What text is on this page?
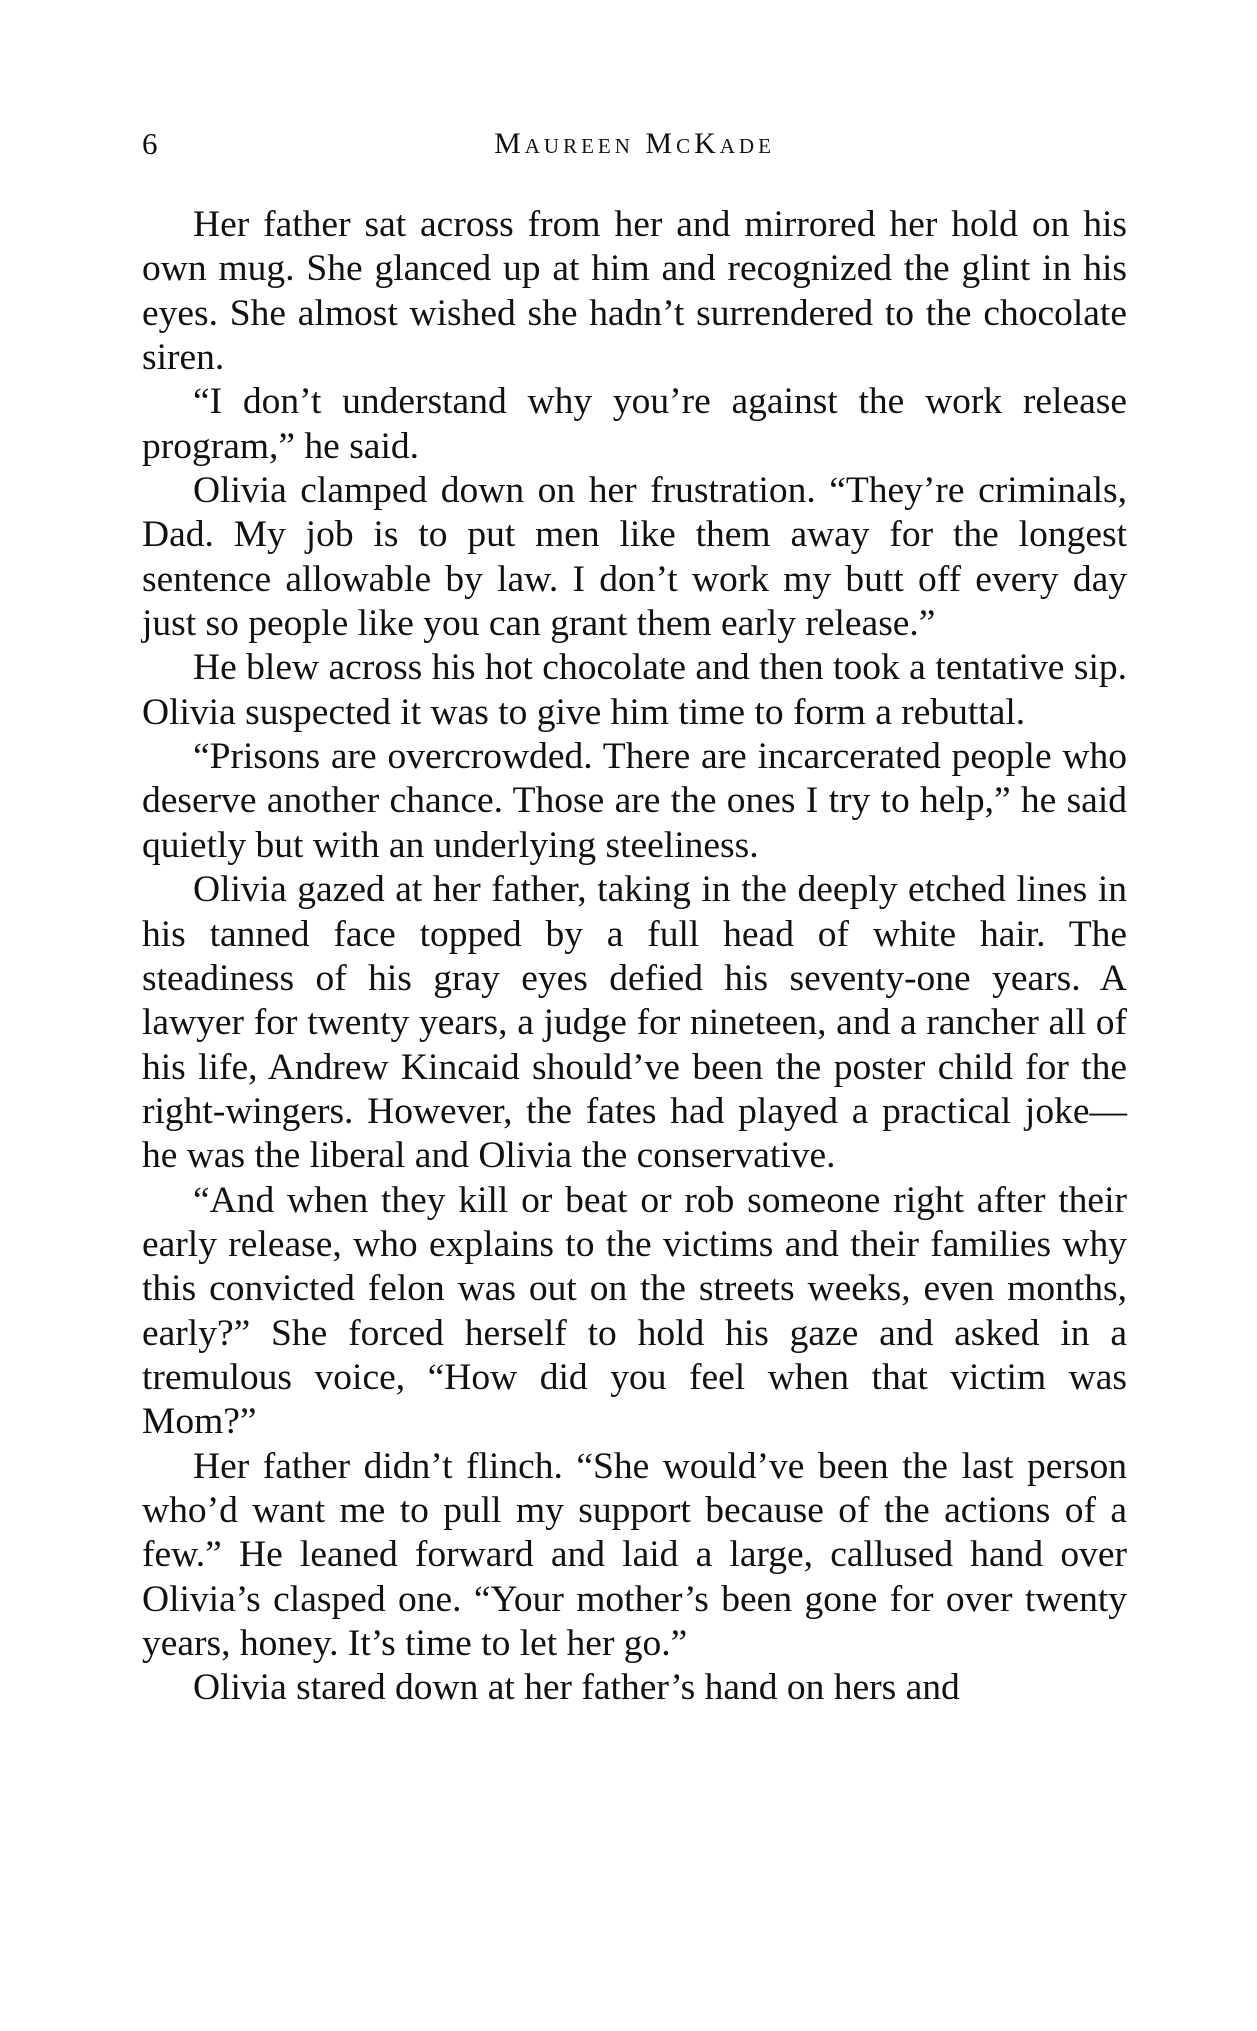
6	Maureen McKade

Her father sat across from her and mirrored her hold on his own mug. She glanced up at him and recognized the glint in his eyes. She almost wished she hadn’t surrendered to the chocolate siren.

“I don’t understand why you’re against the work release program,” he said.

Olivia clamped down on her frustration. “They’re criminals, Dad. My job is to put men like them away for the longest sentence allowable by law. I don’t work my butt off every day just so people like you can grant them early release.”

He blew across his hot chocolate and then took a tentative sip. Olivia suspected it was to give him time to form a rebuttal.

“Prisons are overcrowded. There are incarcerated people who deserve another chance. Those are the ones I try to help,” he said quietly but with an underlying steeliness.

Olivia gazed at her father, taking in the deeply etched lines in his tanned face topped by a full head of white hair. The steadiness of his gray eyes defied his seventy-one years. A lawyer for twenty years, a judge for nineteen, and a rancher all of his life, Andrew Kincaid should’ve been the poster child for the right-wingers. However, the fates had played a practical joke—he was the liberal and Olivia the conservative.

“And when they kill or beat or rob someone right after their early release, who explains to the victims and their families why this convicted felon was out on the streets weeks, even months, early?” She forced herself to hold his gaze and asked in a tremulous voice, “How did you feel when that victim was Mom?”

Her father didn’t flinch. “She would’ve been the last person who’d want me to pull my support because of the actions of a few.” He leaned forward and laid a large, callused hand over Olivia’s clasped one. “Your mother’s been gone for over twenty years, honey. It’s time to let her go.”

Olivia stared down at her father’s hand on hers and
